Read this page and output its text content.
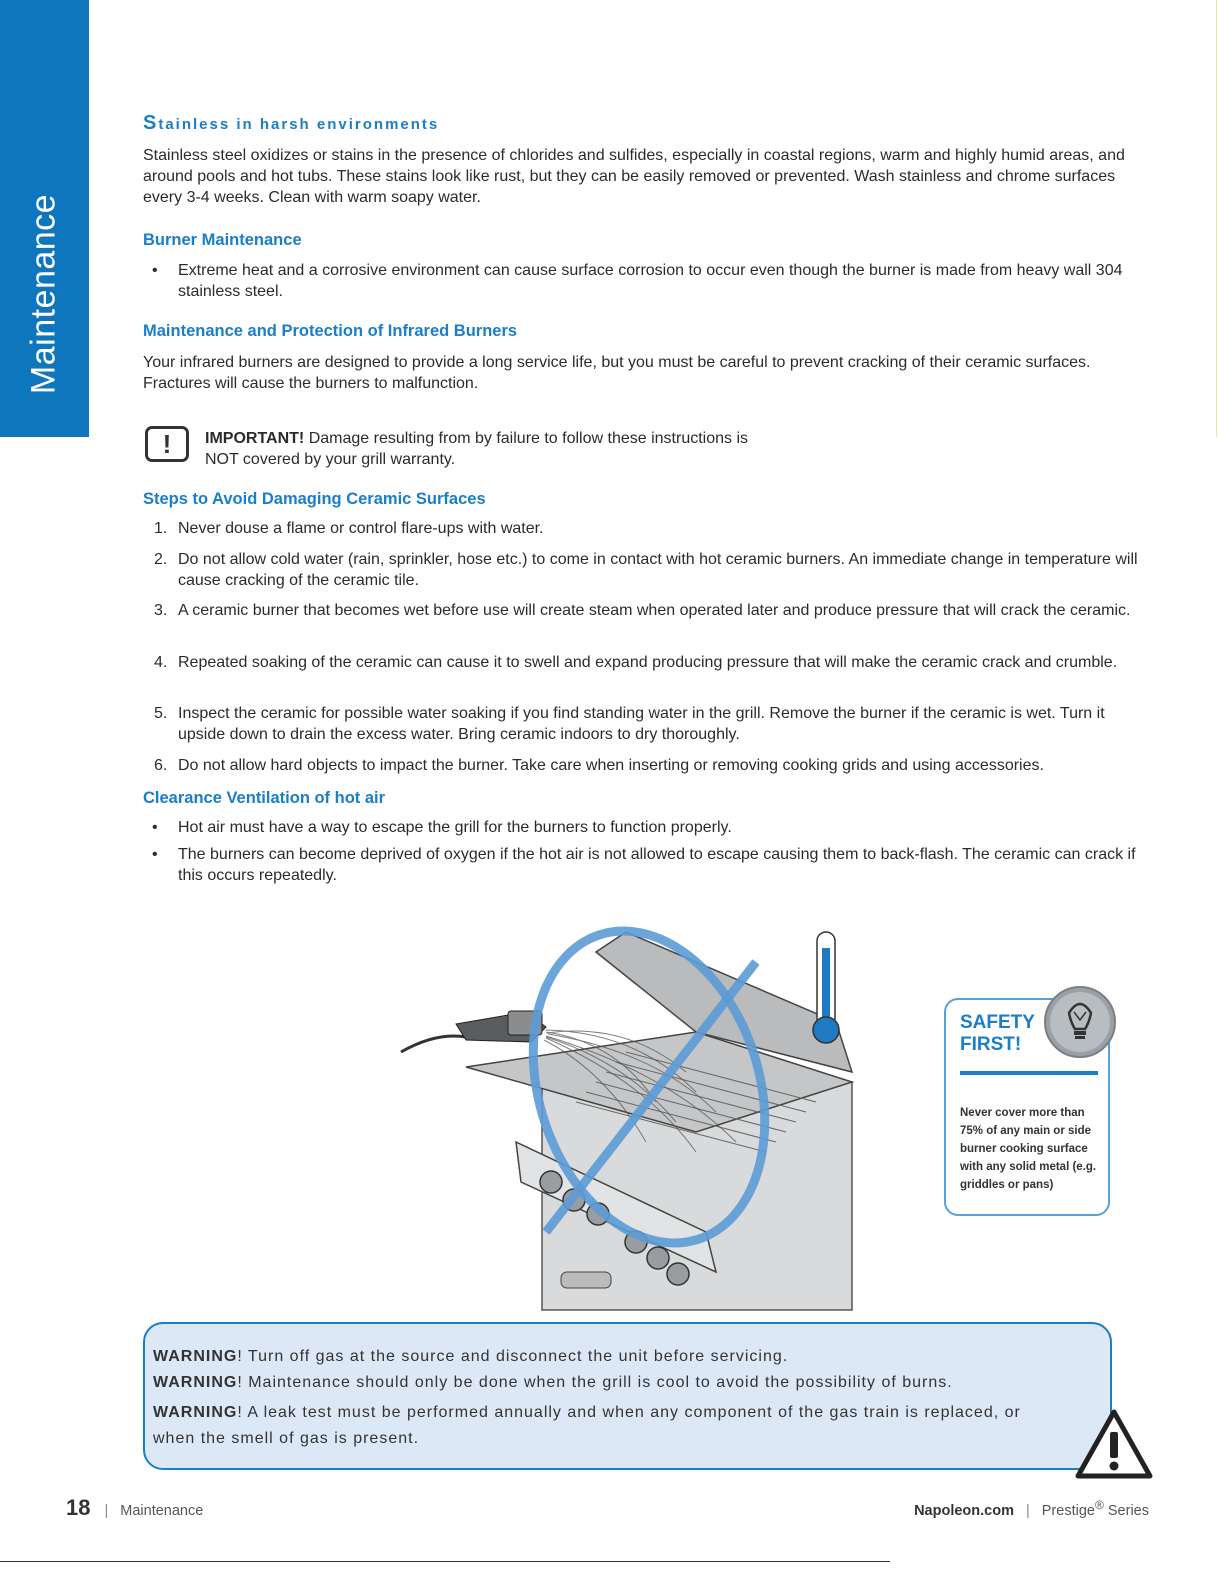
Maintenance
Stainless in harsh environments
Stainless steel oxidizes or stains in the presence of chlorides and sulfides, especially in coastal regions, warm and highly humid areas, and around pools and hot tubs. These stains look like rust, but they can be easily removed or prevented. Wash stainless and chrome surfaces every 3-4 weeks. Clean with warm soapy water.
Burner Maintenance
• Extreme heat and a corrosive environment can cause surface corrosion to occur even though the burner is made from heavy wall 304 stainless steel.
Maintenance and Protection of Infrared Burners
Your infrared burners are designed to provide a long service life, but you must be careful to prevent cracking of their ceramic surfaces. Fractures will cause the burners to malfunction.
!	IMPORTANT! Damage resulting from by failure to follow these instructions is NOT covered by your grill warranty.
Steps to Avoid Damaging Ceramic Surfaces
1. Never douse a flame or control flare-ups with water.
2. Do not allow cold water (rain, sprinkler, hose etc.) to come in contact with hot ceramic burners. An immediate change in temperature will cause cracking of the ceramic tile.
3. A ceramic burner that becomes wet before use will create steam when operated later and produce pressure that will crack the ceramic.
4. Repeated soaking of the ceramic can cause it to swell and expand producing pressure that will make the ceramic crack and crumble.
5. Inspect the ceramic for possible water soaking if you find standing water in the grill. Remove the burner if the ceramic is wet. Turn it upside down to drain the excess water. Bring ceramic indoors to dry thoroughly.
6. Do not allow hard objects to impact the burner. Take care when inserting or removing cooking grids and using accessories.
Clearance Ventilation of hot air
• Hot air must have a way to escape the grill for the burners to function properly.
• The burners can become deprived of oxygen if the hot air is not allowed to escape causing them to back-flash. The ceramic can crack if this occurs repeatedly.
SAFETY FIRST!
Never cover more than 75% of any main or side burner cooking surface with any solid metal (e.g. griddles or pans)
WARNING! Turn off gas at the source and disconnect the unit before servicing.
WARNING! Maintenance should only be done when the grill is cool to avoid the possibility of burns.
WARNING! A leak test must be performed annually and when any component of the gas train is replaced, or when the smell of gas is present.
18 | Maintenance	Napoleon.com | Prestige® Series
